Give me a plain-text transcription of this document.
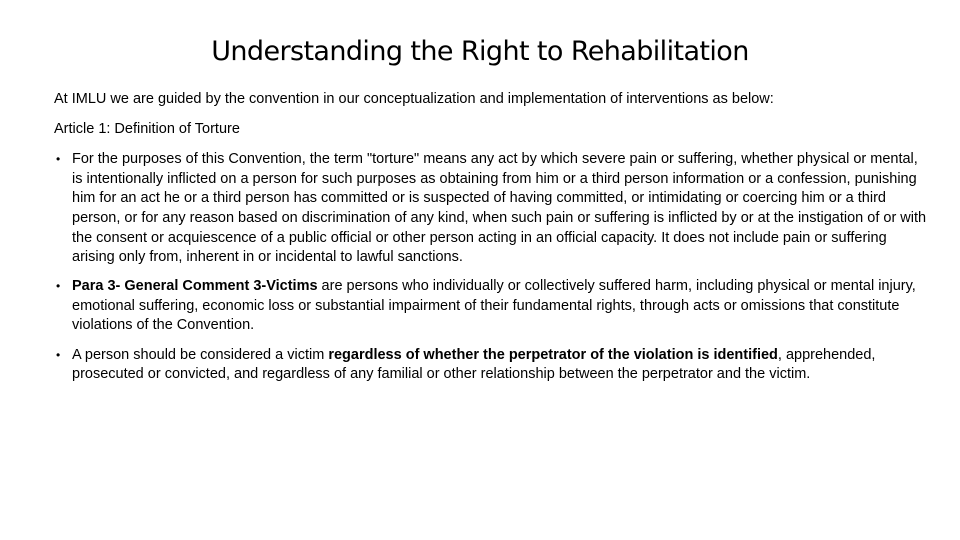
Understanding the Right to Rehabilitation

At IMLU we are guided by the convention in our conceptualization and implementation of interventions as below:

Article 1: Definition of Torture

• For the purposes of this Convention, the term "torture" means any act by which severe pain or suffering, whether physical or mental, is intentionally inflicted on a person for such purposes as obtaining from him or a third person information or a confession, punishing him for an act he or a third person has committed or is suspected of having committed, or intimidating or coercing him or a third person, or for any reason based on discrimination of any kind, when such pain or suffering is inflicted by or at the instigation of or with the consent or acquiescence of a public official or other person acting in an official capacity. It does not include pain or suffering arising only from, inherent in or incidental to lawful sanctions.
• Para 3- General Comment 3-Victims are persons who individually or collectively suffered harm, including physical or mental injury, emotional suffering, economic loss or substantial impairment of their fundamental rights, through acts or omissions that constitute violations of the Convention.
• A person should be considered a victim regardless of whether the perpetrator of the violation is identified, apprehended, prosecuted or convicted, and regardless of any familial or other relationship between the perpetrator and the victim.
